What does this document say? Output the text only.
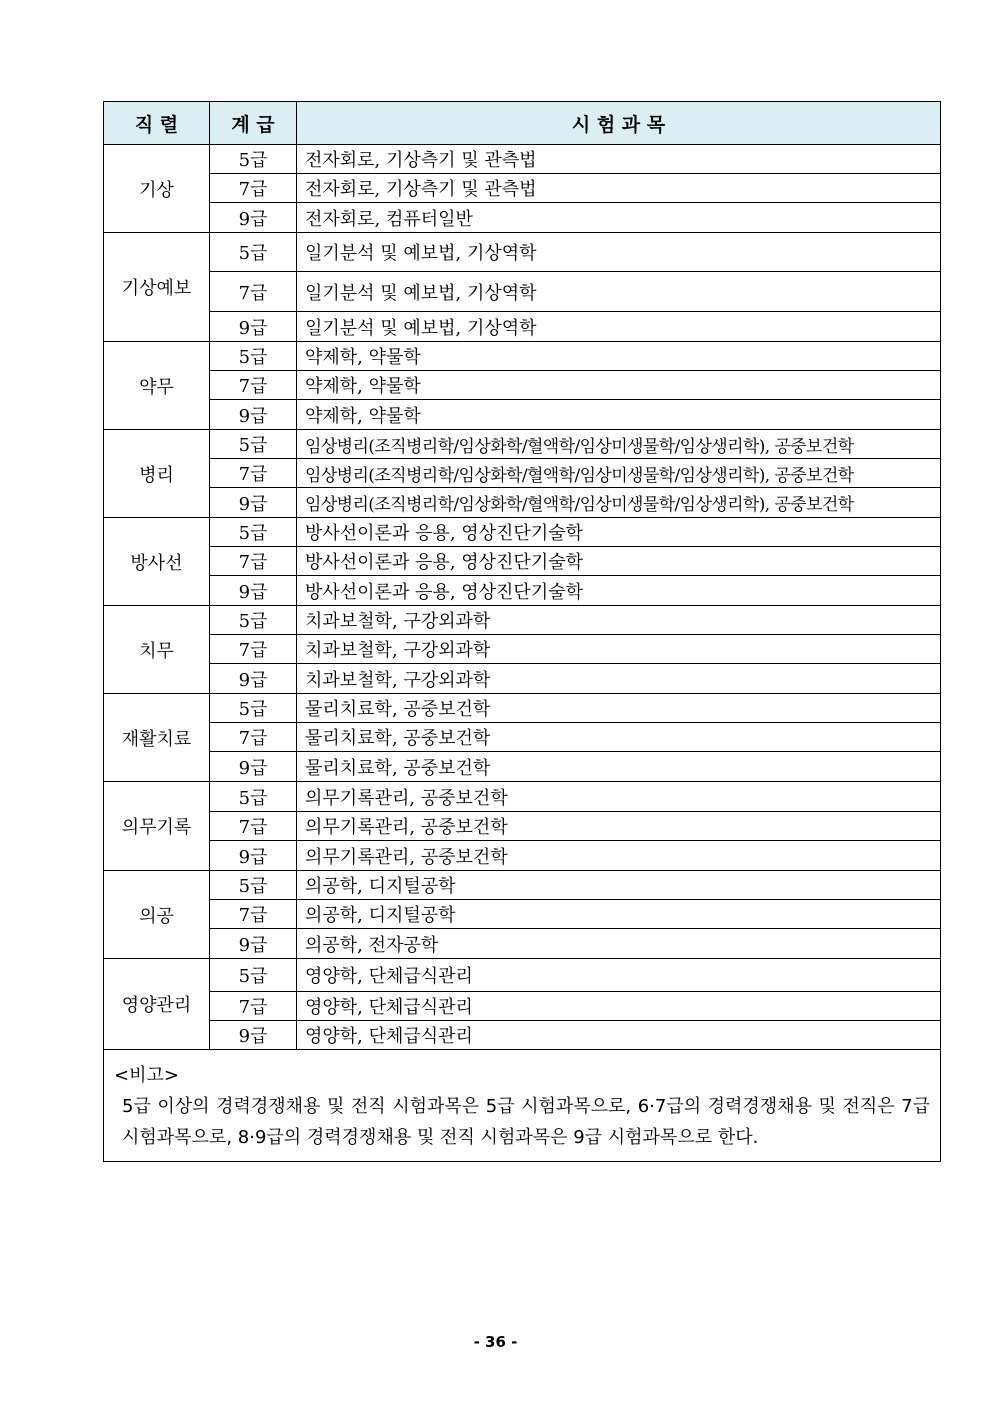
직 렬	계 급	시 험 과 목
기상	5급	전자회로, 기상측기 및 관측법
	7급	전자회로, 기상측기 및 관측법
	9급	전자회로, 컴퓨터일반
기상예보	5급	일기분석 및 예보법, 기상역학
	7급	일기분석 및 예보법, 기상역학
	9급	일기분석 및 예보법, 기상역학
약무	5급	약제학, 약물학
	7급	약제학, 약물학
	9급	약제학, 약물학
병리	5급	임상병리(조직병리학/임상화학/혈액학/임상미생물학/임상생리학), 공중보건학
	7급	임상병리(조직병리학/임상화학/혈액학/임상미생물학/임상생리학), 공중보건학
	9급	임상병리(조직병리학/임상화학/혈액학/임상미생물학/임상생리학), 공중보건학
방사선	5급	방사선이론과 응용, 영상진단기술학
	7급	방사선이론과 응용, 영상진단기술학
	9급	방사선이론과 응용, 영상진단기술학
치무	5급	치과보철학, 구강외과학
	7급	치과보철학, 구강외과학
	9급	치과보철학, 구강외과학
재활치료	5급	물리치료학, 공중보건학
	7급	물리치료학, 공중보건학
	9급	물리치료학, 공중보건학
의무기록	5급	의무기록관리, 공중보건학
	7급	의무기록관리, 공중보건학
	9급	의무기록관리, 공중보건학
의공	5급	의공학, 디지털공학
	7급	의공학, 디지털공학
	9급	의공학, 전자공학
영양관리	5급	영양학, 단체급식관리
	7급	영양학, 단체급식관리
	9급	영양학, 단체급식관리

<비고>
5급 이상의 경력경쟁채용 및 전직 시험과목은 5급 시험과목으로, 6·7급의 경력경쟁채용 및 전직은 7급 시험과목으로, 8·9급의 경력경쟁채용 및 전직 시험과목은 9급 시험과목으로 한다.		
- 36 -
